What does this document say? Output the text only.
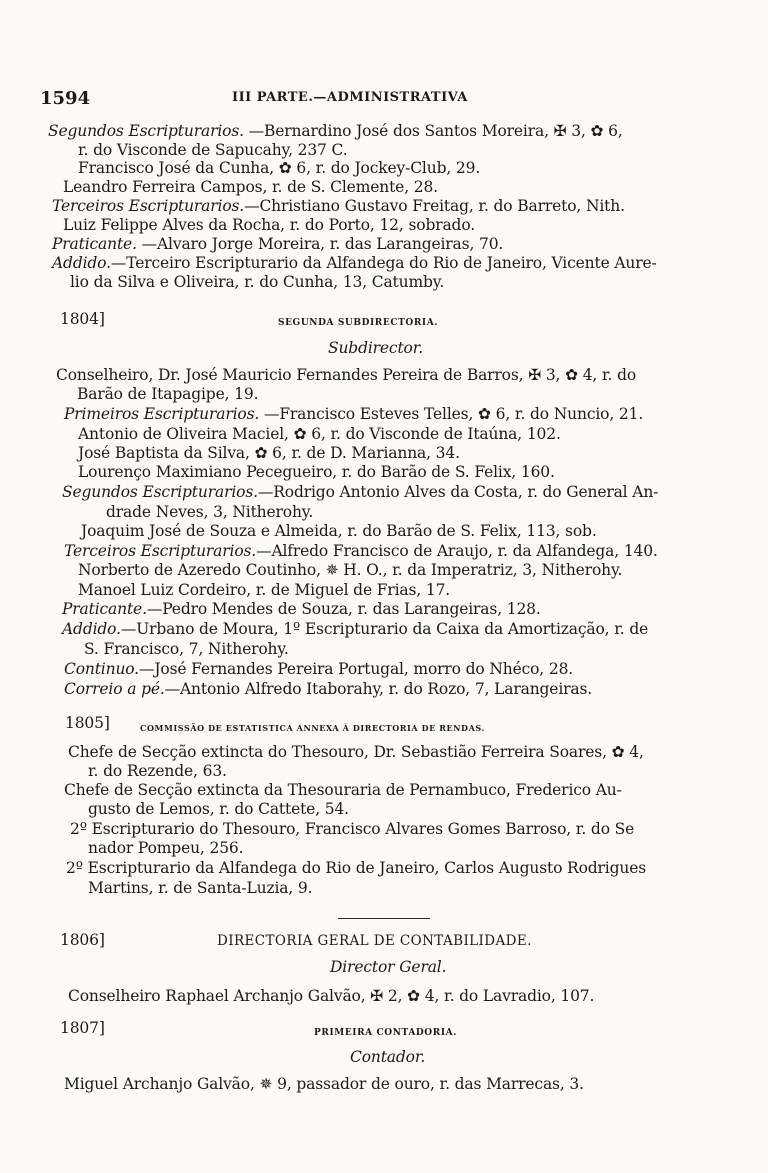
1594	III PARTE.—ADMINISTRATIVA
Segundos Escripturarios. —Bernardino José dos Santos Moreira, ✠ 3, ✿ 6,
r. do Visconde de Sapucahy, 237 C.
Francisco José da Cunha, ✿ 6, r. do Jockey-Club, 29.
Leandro Ferreira Campos, r. de S. Clemente, 28.
Terceiros Escripturarios.—Christiano Gustavo Freitag, r. do Barreto, Nith.
Luiz Felippe Alves da Rocha, r. do Porto, 12, sobrado.
Praticante. —Alvaro Jorge Moreira, r. das Larangeiras, 70.
Addido.—Terceiro Escripturario da Alfandega do Rio de Janeiro, Vicente Aure-
lio da Silva e Oliveira, r. do Cunha, 13, Catumby.
1804]	SEGUNDA SUBDIRECTORIA.
Subdirector.
Conselheiro, Dr. José Mauricio Fernandes Pereira de Barros, ✠ 3, ✿ 4, r. do
Barão de Itapagipe, 19.
Primeiros Escripturarios. —Francisco Esteves Telles, ✿ 6, r. do Nuncio, 21.
Antonio de Oliveira Maciel, ✿ 6, r. do Visconde de Itaúna, 102.
José Baptista da Silva, ✿ 6, r. de D. Marianna, 34.
Lourenço Maximiano Pecegueiro, r. do Barão de S. Felix, 160.
Segundos Escripturarios.—Rodrigo Antonio Alves da Costa, r. do General An-
drade Neves, 3, Nitherohy.
Joaquim José de Souza e Almeida, r. do Barão de S. Felix, 113, sob.
Terceiros Escripturarios.—Alfredo Francisco de Araujo, r. da Alfandega, 140.
Norberto de Azeredo Coutinho, ✵ H. O., r. da Imperatriz, 3, Nitherohy.
Manoel Luiz Cordeiro, r. de Miguel de Frias, 17.
Praticante.—Pedro Mendes de Souza, r. das Larangeiras, 128.
Addido.—Urbano de Moura, 1º Escripturario da Caixa da Amortização, r. de
S. Francisco, 7, Nitherohy.
Continuo.—José Fernandes Pereira Portugal, morro do Nhéco, 28.
Correio a pé.—Antonio Alfredo Itaborahy, r. do Rozo, 7, Larangeiras.
1805]	COMMISSÃO DE ESTATISTICA ANNEXA Á DIRECTORIA DE RENDAS.
Chefe de Secção extincta do Thesouro, Dr. Sebastião Ferreira Soares, ✿ 4,
r. do Rezende, 63.
Chefe de Secção extincta da Thesouraria de Pernambuco, Frederico Au-
gusto de Lemos, r. do Cattete, 54.
2º Escripturario do Thesouro, Francisco Alvares Gomes Barroso, r. do Se
nador Pompeu, 256.
2º Escripturario da Alfandega do Rio de Janeiro, Carlos Augusto Rodrigues
Martins, r. de Santa-Luzia, 9.
1806]	DIRECTORIA GERAL DE CONTABILIDADE.
Director Geral.
Conselheiro Raphael Archanjo Galvão, ✠ 2, ✿ 4, r. do Lavradio, 107.
1807]	PRIMEIRA CONTADORIA.
Contador.
Miguel Archanjo Galvão, ✵ 9, passador de ouro, r. das Marrecas, 3.
